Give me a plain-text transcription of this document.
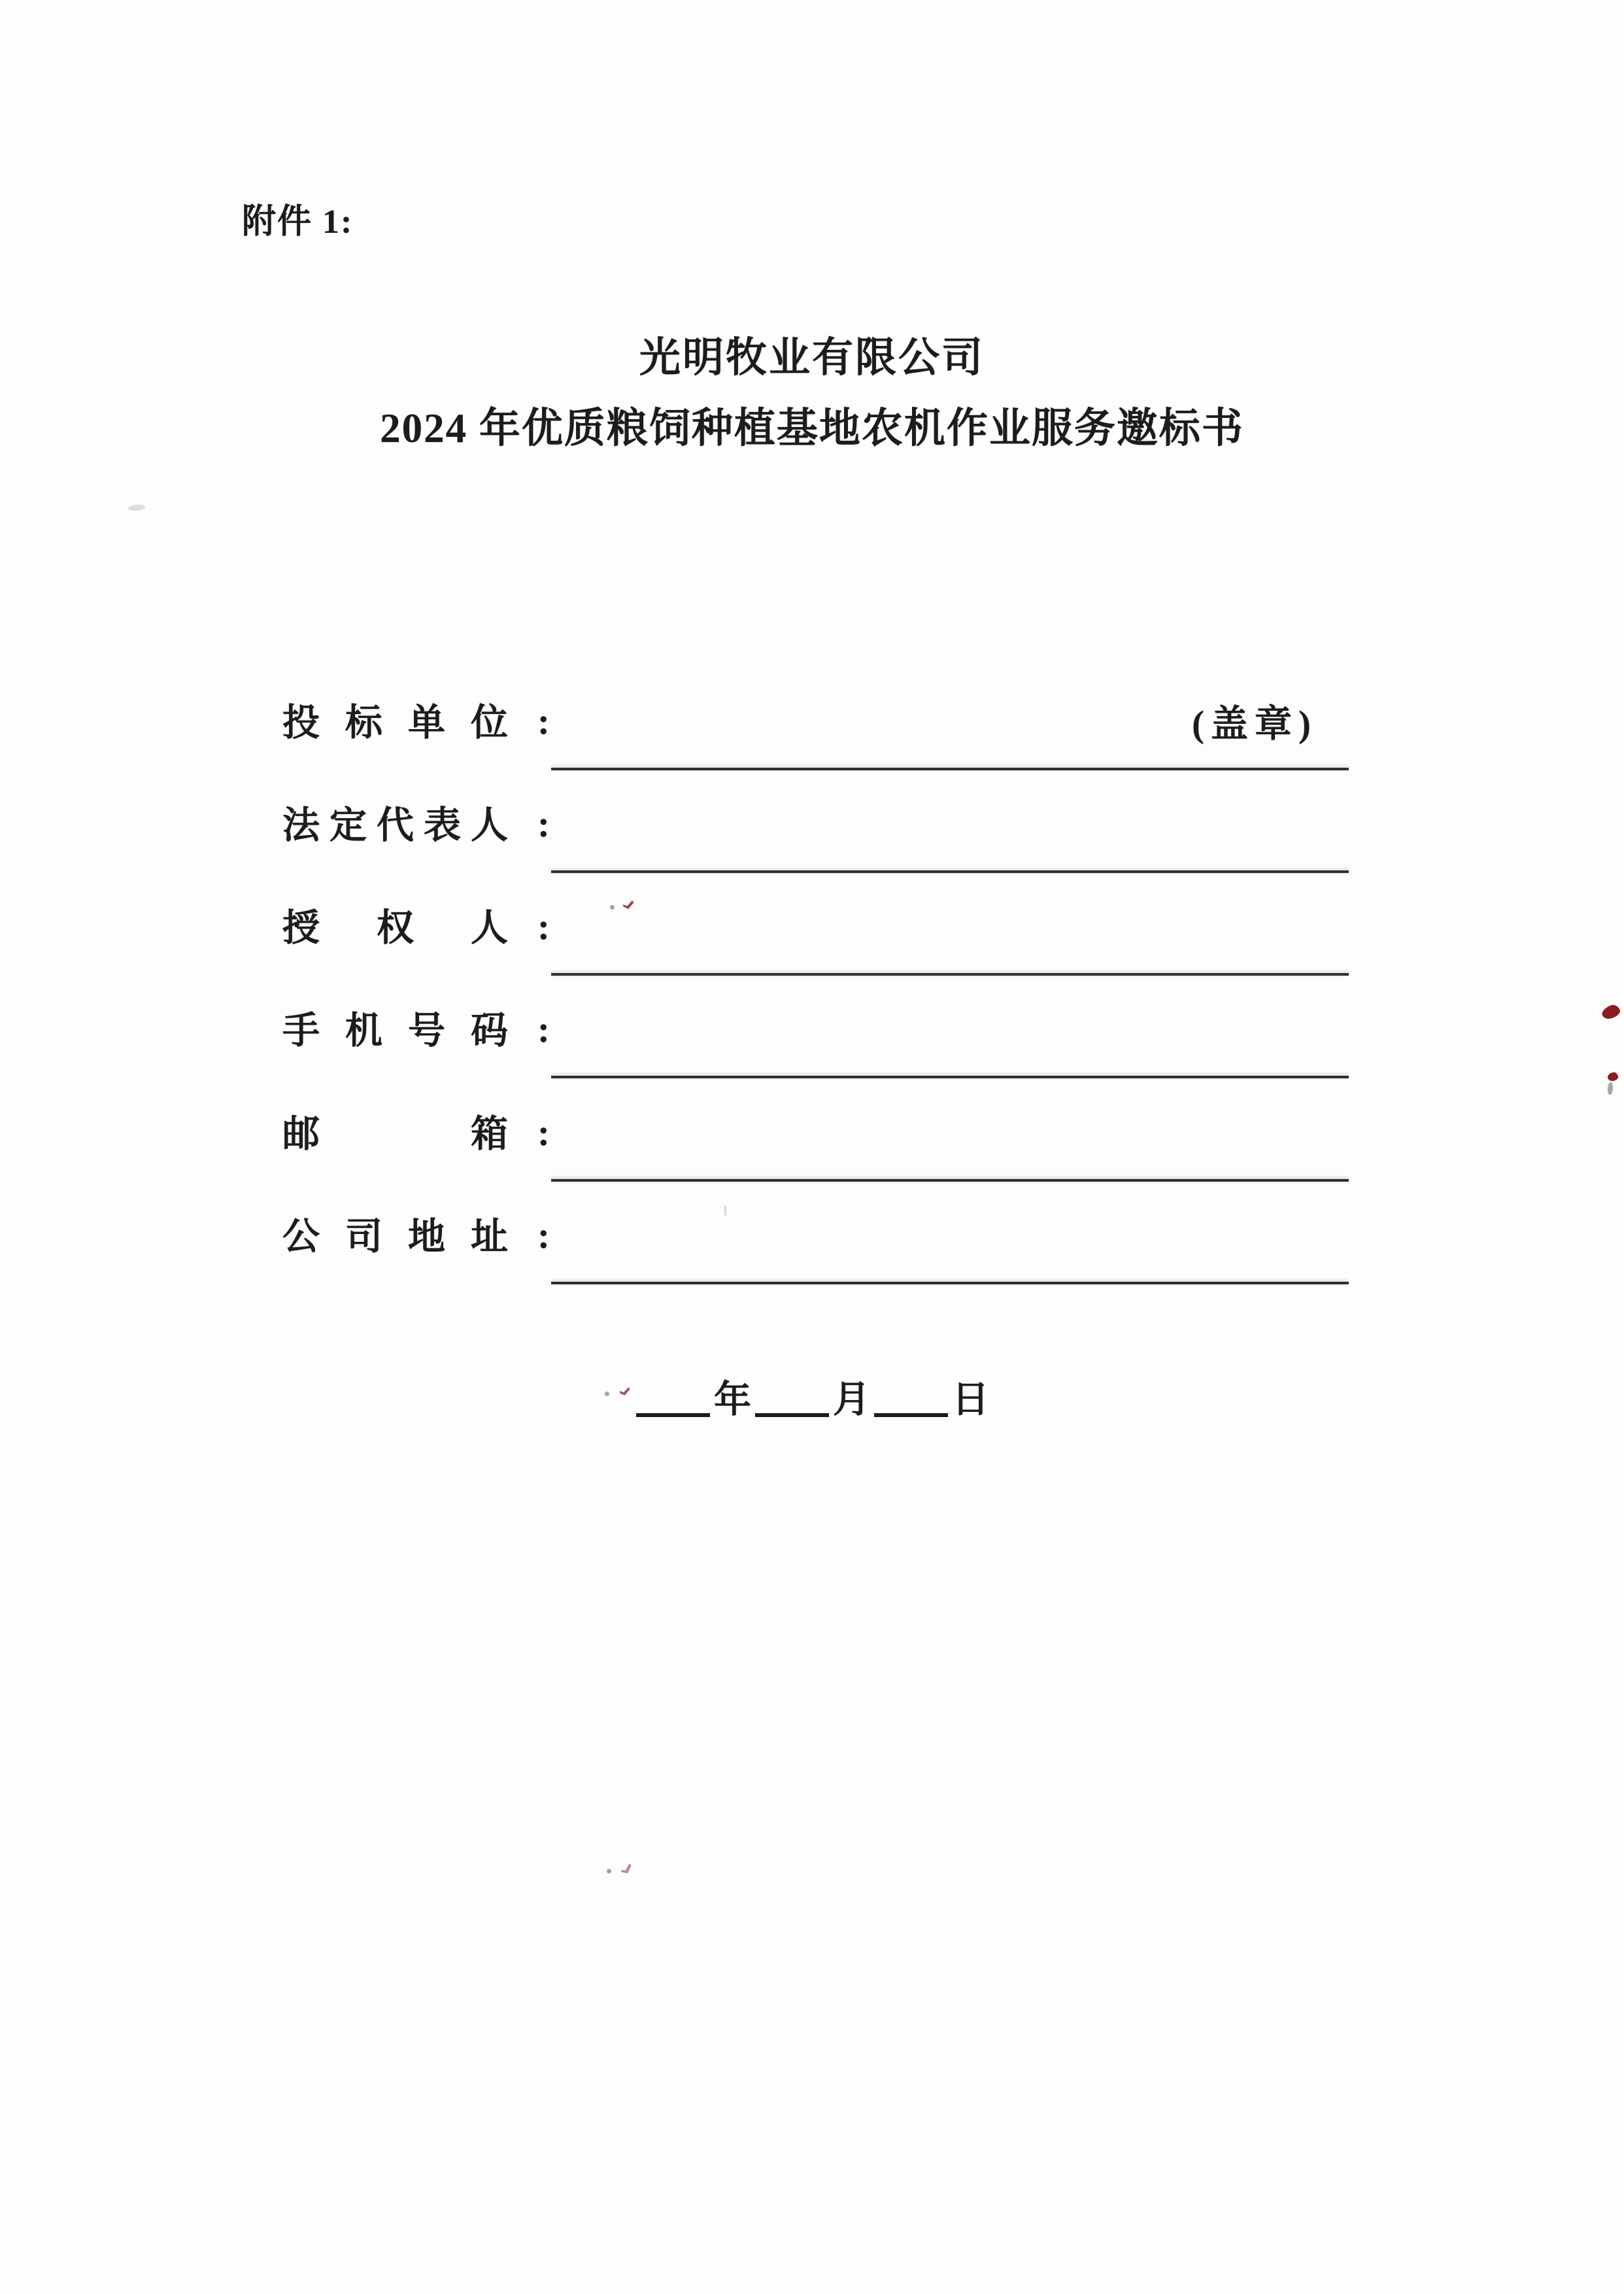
附件 1:
光明牧业有限公司
2024 年优质粮饲种植基地农机作业服务邀标书
投 标 单 位 :	(盖章)
法 定 代 表 人 :
授 权 人 :
手 机 号 码 :
邮	箱 :
公 司 地 址 :
年 月 日
